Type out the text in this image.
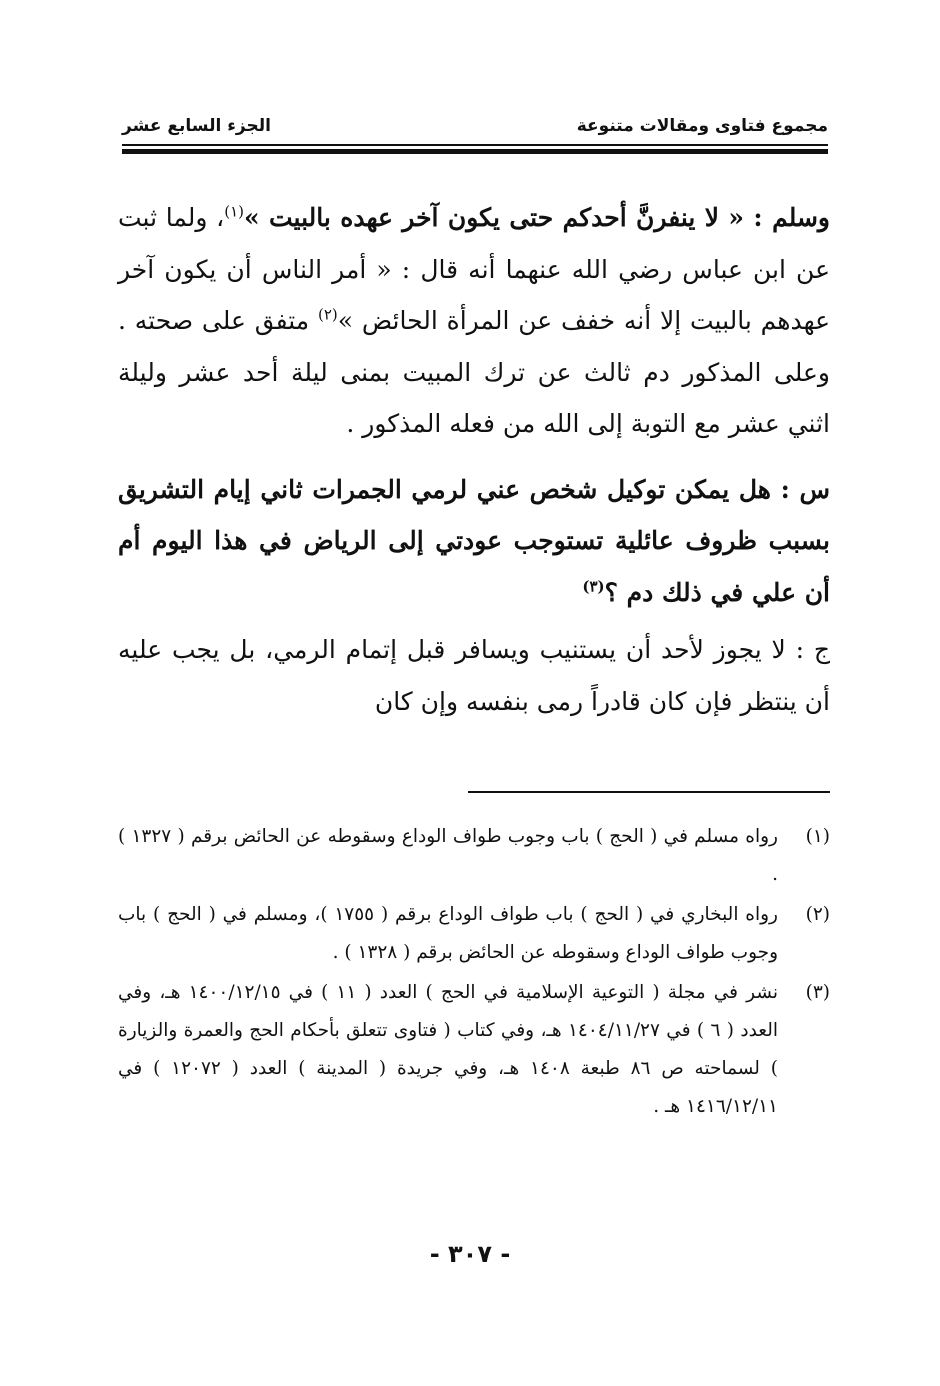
مجموع فتاوى ومقالات متنوعة
الجزء السابع عشر

وسلم : « لا ينفرنَّ أحدكم حتى يكون آخر عهده بالبيت »$^{(١)}$، ولما ثبت عن ابن عباس رضي الله عنهما أنه قال : « أمر الناس أن يكون آخر عهدهم بالبيت إلا أنه خفف عن المرأة الحائض »$^{(٢)}$ متفق على صحته . وعلى المذكور دم ثالث عن ترك المبيت بمنى ليلة أحد عشر وليلة اثني عشر مع التوبة إلى الله من فعله المذكور .

س : هل يمكن توكيل شخص عني لرمي الجمرات ثاني إيام التشريق بسبب ظروف عائلية تستوجب عودتي إلى الرياض في هذا اليوم أم أن علي في ذلك دم ؟$^{(٣)}$

ج : لا يجوز لأحد أن يستنيب ويسافر قبل إتمام الرمي، بل يجب عليه أن ينتظر فإن كان قادراً رمى بنفسه وإن كان

(١)
رواه مسلم في ( الحج ) باب وجوب طواف الوداع وسقوطه عن الحائض برقم ( ١٣٢٧ ) .
(٢)
رواه البخاري في ( الحج ) باب طواف الوداع برقم ( ١٧٥٥ )، ومسلم في ( الحج ) باب وجوب طواف الوداع وسقوطه عن الحائض برقم ( ١٣٢٨ ) .
(٣)
نشر في مجلة ( التوعية الإسلامية في الحج ) العدد ( ١١ ) في ١٤٠٠/١٢/١٥ هـ، وفي العدد ( ٦ ) في ١٤٠٤/١١/٢٧ هـ، وفي كتاب ( فتاوى تتعلق بأحكام الحج والعمرة والزيارة ) لسماحته ص ٨٦ طبعة ١٤٠٨ هـ، وفي جريدة ( المدينة ) العدد ( ١٢٠٧٢ ) في ١٤١٦/١٢/١١ هـ .
- ٣٠٧ -
